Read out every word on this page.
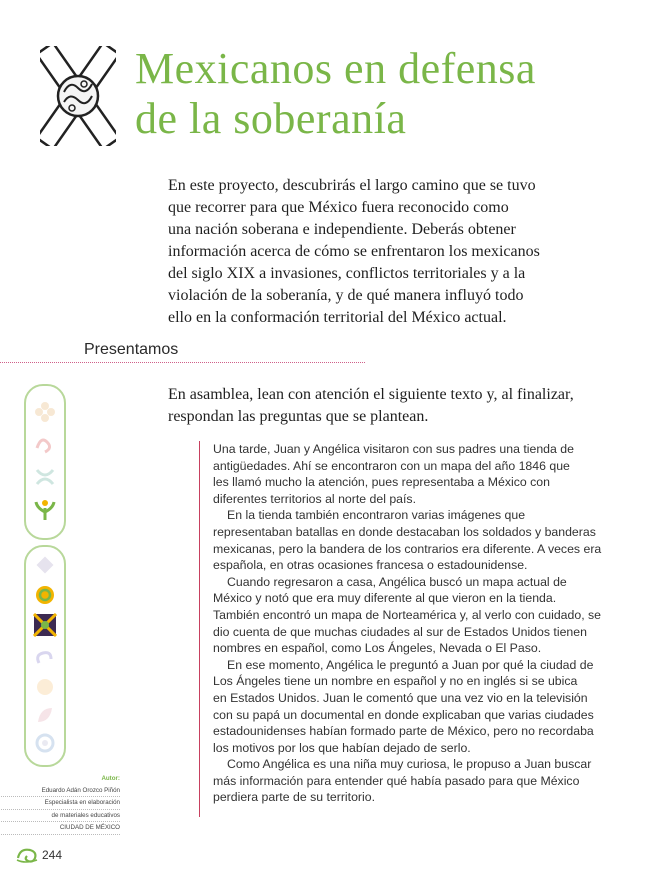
Mexicanos en defensa
de la soberanía
En este proyecto, descubrirás el largo camino que se tuvo
que recorrer para que México fuera reconocido como
una nación soberana e independiente. Deberás obtener
información acerca de cómo se enfrentaron los mexicanos
del siglo XIX a invasiones, conflictos territoriales y a la
violación de la soberanía, y de qué manera influyó todo
ello en la conformación territorial del México actual.
Presentamos
En asamblea, lean con atención el siguiente texto y, al finalizar,
respondan las preguntas que se plantean.
Una tarde, Juan y Angélica visitaron con sus padres una tienda de
antigüedades. Ahí se encontraron con un mapa del año 1846 que
les llamó mucho la atención, pues representaba a México con
diferentes territorios al norte del país.
En la tienda también encontraron varias imágenes que
representaban batallas en donde destacaban los soldados y banderas
mexicanas, pero la bandera de los contrarios era diferente. A veces era
española, en otras ocasiones francesa o estadounidense.
Cuando regresaron a casa, Angélica buscó un mapa actual de
México y notó que era muy diferente al que vieron en la tienda.
También encontró un mapa de Norteamérica y, al verlo con cuidado, se
dio cuenta de que muchas ciudades al sur de Estados Unidos tienen
nombres en español, como Los Ángeles, Nevada o El Paso.
En ese momento, Angélica le preguntó a Juan por qué la ciudad de
Los Ángeles tiene un nombre en español y no en inglés si se ubica
en Estados Unidos. Juan le comentó que una vez vio en la televisión
con su papá un documental en donde explicaban que varias ciudades
estadounidenses habían formado parte de México, pero no recordaba
los motivos por los que habían dejado de serlo.
Como Angélica es una niña muy curiosa, le propuso a Juan buscar
más información para entender qué había pasado para que México
perdiera parte de su territorio.
Autor:
Eduardo Adán Orozco Piñón
Especialista en elaboración
de materiales educativos
CIUDAD DE MÉXICO
244
